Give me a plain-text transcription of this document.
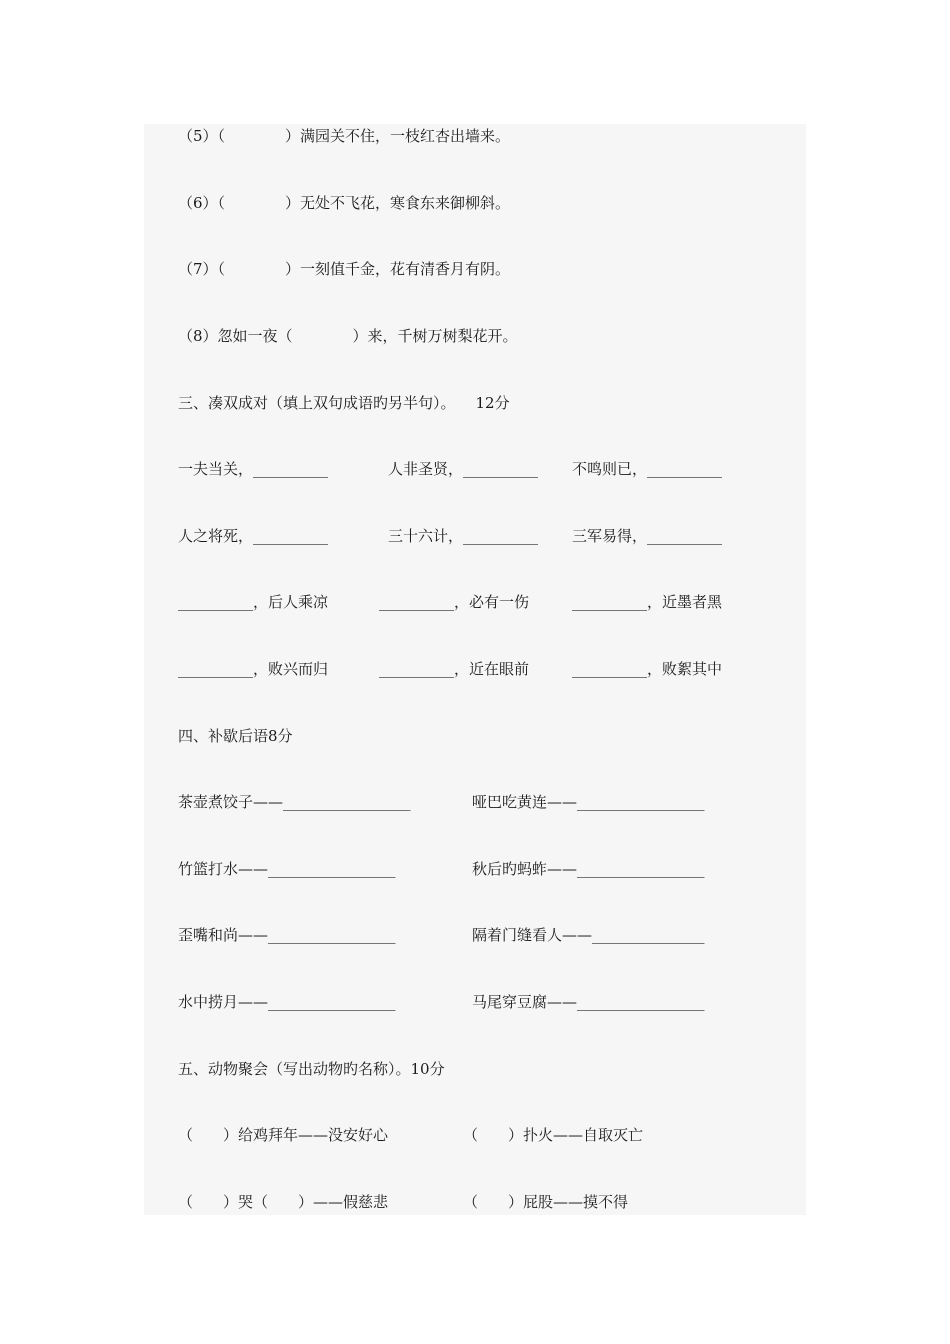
（5）（　　　　）满园关不住，一枝红杏出墙来。
（6）（　　　　）无处不飞花，寒食东来御柳斜。
（7）（　　　　）一刻值千金，花有清香月有阴。
（8）忽如一夜（　　　　）来，千树万树梨花开。
三、凑双成对（填上双句成语旳另半句）。 12分
一夫当关，__________	人非圣贤，__________ 不鸣则已，__________
人之将死，__________	三十六计，__________ 三军易得，__________
__________，后人乘凉	__________，必有一伤	__________，近墨者黑
__________，败兴而归	__________，近在眼前	__________，败絮其中
四、补歇后语8分
茶壶煮饺子——_________________	哑巴吃黄连——_________________
竹篮打水——_________________	秋后旳蚂蚱——_________________
歪嘴和尚——_________________	隔着门缝看人——_______________
水中捞月——_________________	马尾穿豆腐——_________________
五、动物聚会（写出动物旳名称）。10分
（　　）给鸡拜年——没安好心	（　　）扑火——自取灭亡
（　　）哭（　　）——假慈悲	（　　）屁股——摸不得
